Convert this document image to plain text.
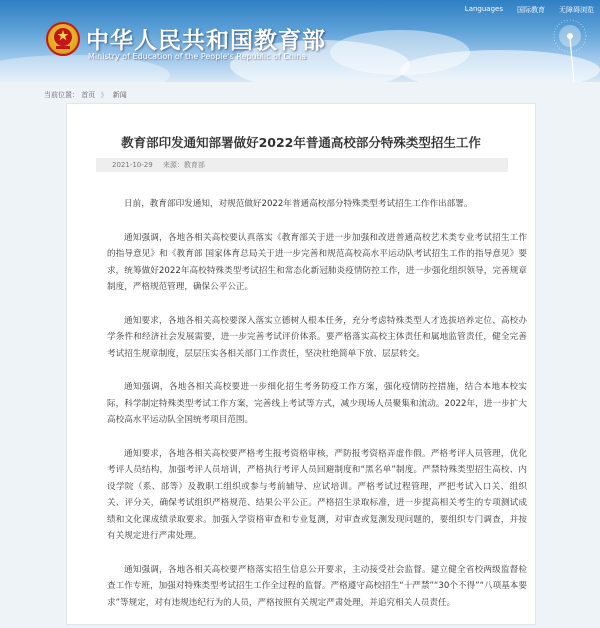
中华人民共和国教育部
Ministry of Education of the People's Republic of China
Languages 国际教育 无障碍浏览
当前位置： 首页 》 新闻
教育部印发通知部署做好2022年普通高校部分特殊类型招生工作
2021-10-29 来源：教育部

日前，教育部印发通知，对规范做好2022年普通高校部分特殊类型考试招生工作作出部署。

通知强调，各地各相关高校要认真落实《教育部关于进一步加强和改进普通高校艺术类专业考试招生工作的指导意见》和《教育部 国家体育总局关于进一步完善和规范高校高水平运动队考试招生工作的指导意见》要求，统筹做好2022年高校特殊类型考试招生和常态化新冠肺炎疫情防控工作，进一步强化组织领导，完善规章制度，严格规范管理，确保公平公正。

通知要求，各地各相关高校要深入落实立德树人根本任务，充分考虑特殊类型人才选拔培养定位、高校办学条件和经济社会发展需要，进一步完善考试评价体系。要严格落实高校主体责任和属地监管责任，健全完善考试招生规章制度，层层压实各相关部门工作责任，坚决杜绝简单下放、层层转交。

通知强调，各地各相关高校要进一步细化招生考务防疫工作方案，强化疫情防控措施，结合本地本校实际，科学制定特殊类型考试工作方案，完善线上考试等方式，减少现场人员聚集和流动。2022年，进一步扩大高校高水平运动队全国统考项目范围。

通知要求，各地各相关高校要严格考生报考资格审核，严防报考资格弄虚作假。严格考评人员管理，优化考评人员结构，加强考评人员培训，严格执行考评人员回避制度和“黑名单”制度。严禁特殊类型招生高校、内设学院（系、部等）及教职工组织或参与考前辅导、应试培训。严格考试过程管理，严把考试入口关、组织关、评分关，确保考试组织严格规范、结果公平公正。严格招生录取标准，进一步提高相关考生的专项测试成绩和文化课成绩录取要求。加强入学资格审查和专业复测，对审查或复测发现问题的，要组织专门调查，并按有关规定进行严肃处理。

通知强调，各地各相关高校要严格落实招生信息公开要求，主动接受社会监督。建立健全省校两级监督检查工作专班，加强对特殊类型考试招生工作全过程的监督。严格遵守高校招生“十严禁”“30个不得”“八项基本要求”等规定，对有违规违纪行为的人员，严格按照有关规定严肃处理，并追究相关人员责任。
